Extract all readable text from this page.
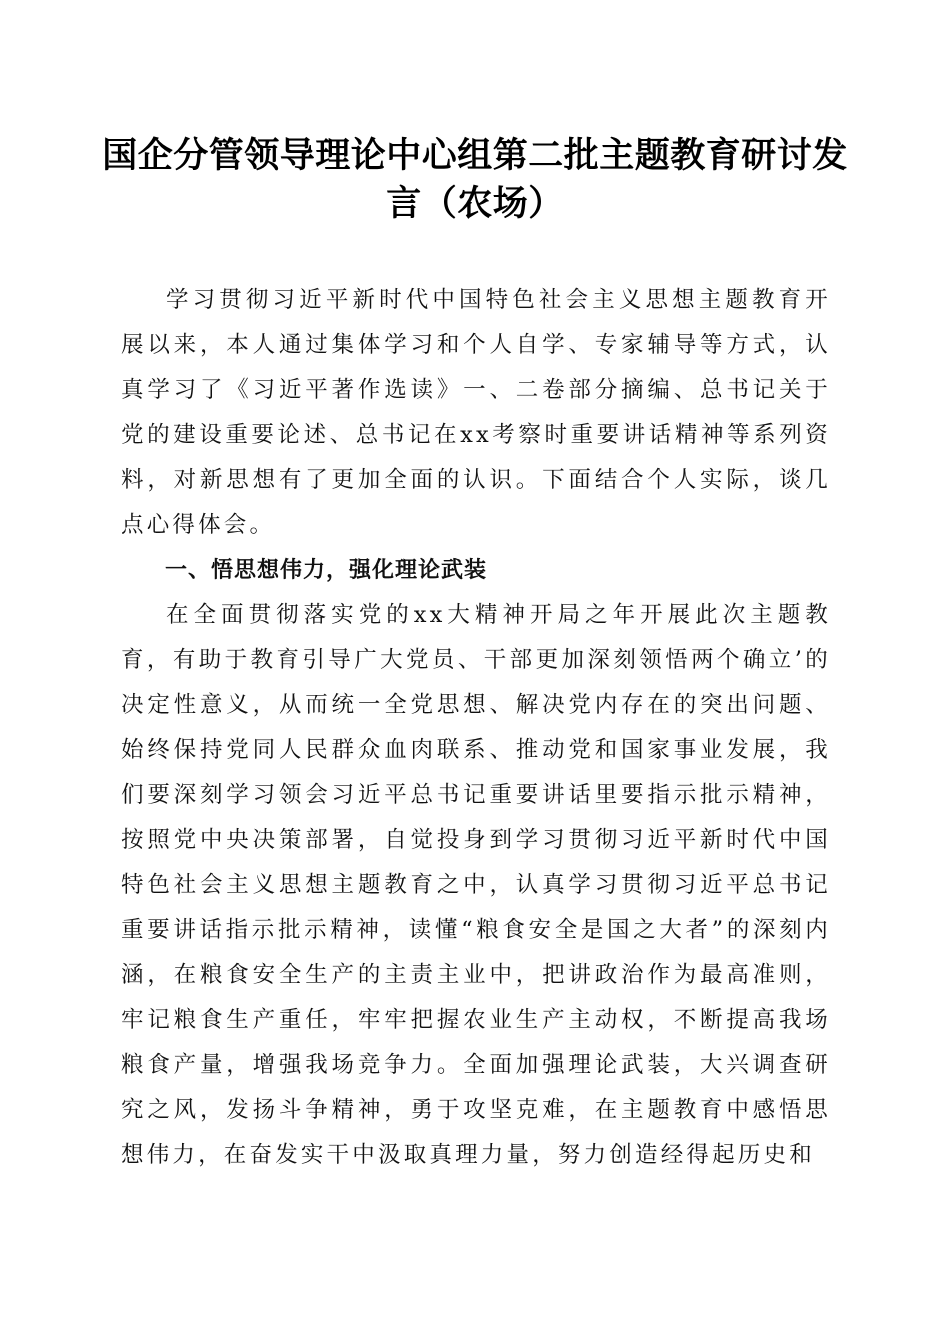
国企分管领导理论中心组第二批主题教育研讨发言（农场）

学习贯彻习近平新时代中国特色社会主义思想主题教育开展以来，本人通过集体学习和个人自学、专家辅导等方式，认真学习了《习近平著作选读》一、二卷部分摘编、总书记关于党的建设重要论述、总书记在xx考察时重要讲话精神等系列资料，对新思想有了更加全面的认识。下面结合个人实际，谈几点心得体会。

一、悟思想伟力，强化理论武装

在全面贯彻落实党的xx大精神开局之年开展此次主题教育，有助于教育引导广大党员、干部更加深刻领悟两个确立’的决定性意义，从而统一全党思想、解决党内存在的突出问题、始终保持党同人民群众血肉联系、推动党和国家事业发展，我们要深刻学习领会习近平总书记重要讲话里要指示批示精神，按照党中央决策部署，自觉投身到学习贯彻习近平新时代中国特色社会主义思想主题教育之中，认真学习贯彻习近平总书记重要讲话指示批示精神，读懂“粮食安全是国之大者”的深刻内涵，在粮食安全生产的主责主业中，把讲政治作为最高准则，牢记粮食生产重任，牢牢把握农业生产主动权，不断提高我场粮食产量，增强我场竞争力。全面加强理论武装，大兴调查研究之风，发扬斗争精神，勇于攻坚克难，在主题教育中感悟思想伟力，在奋发实干中汲取真理力量，努力创造经得起历史和
